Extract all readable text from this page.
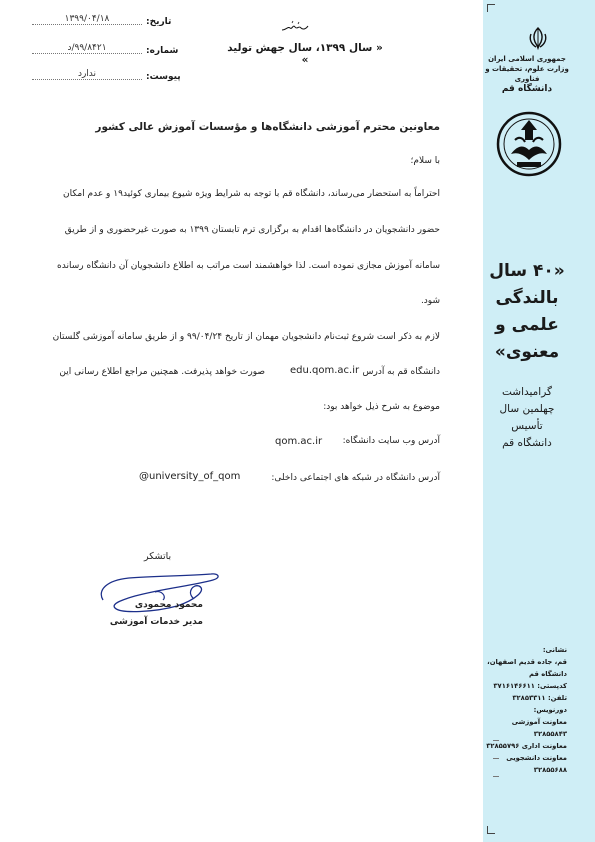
جمهوری اسلامی ایران
وزارت علوم، تحقیقات و فناوری
دانشگاه قم
«۴۰ سال
بالندگی
علمی و
معنوی»
گرامیداشت
چهلمین سال
تأسیس
دانشگاه قم
نشانی:
قم، جاده قدیم اصفهان،
دانشگاه قم
کدپستی: ۳۷۱۶۱۴۶۶۱۱
تلفن: ۳۲۸۵۳۳۱۱
دورنویس:
معاونت آموزشی ۳۲۸۵۵۸۴۳
معاونت اداری ۳۲۸۵۵۷۹۶
معاونت دانشجویی ۳۲۸۵۵۶۸۸
تاریخ:
۱۳۹۹/۰۴/۱۸
شماره:
۹۹/۸۴۲۱/د
پیوست:
ندارد
« سال ۱۳۹۹، سال جهش تولید »
معاونین محترم آموزشی دانشگاه‌ها و مؤسسات آموزش عالی کشور
با سلام؛
احتراماً به استحضار می‌رساند، دانشگاه قم با توجه به شرایط ویژه شیوع بیماری کوئید۱۹ و عدم امکان
حضور دانشجویان در دانشگاه‌ها اقدام به برگزاری ترم تابستان ۱۳۹۹ به صورت غیرحضوری و از طریق
سامانه آموزش مجازی نموده است. لذا خواهشمند است مراتب به اطلاع دانشجویان آن دانشگاه رسانده
شود.
لازم به ذکر است شروع ثبت‌نام دانشجویان مهمان از تاریخ ۹۹/۰۴/۲۴ و از طریق سامانه آموزشی گلستان
دانشگاه قم به آدرس
edu.qom.ac.ir
صورت خواهد پذیرفت. همچنین مراجع اطلاع رسانی این
موضوع به شرح ذیل خواهد بود:
آدرس وب سایت دانشگاه:
qom.ac.ir
آدرس دانشگاه در شبکه های اجتماعی داخلی:
@university_of_qom
باتشکر
محمود محمودی
مدیر خدمات آموزشی
